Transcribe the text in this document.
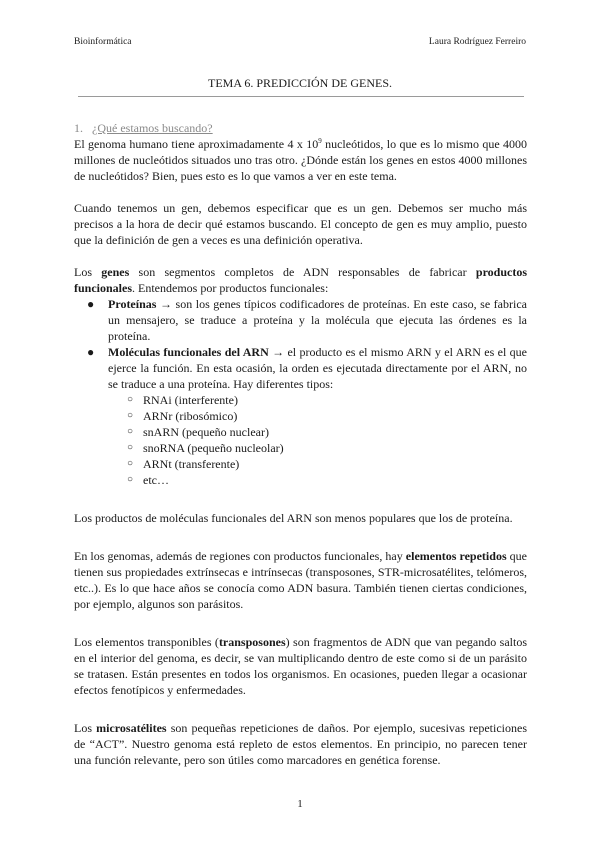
Bioinformática	Laura Rodríguez Ferreiro
TEMA 6. PREDICCIÓN DE GENES.

1. ¿Qué estamos buscando?

El genoma humano tiene aproximadamente 4 x $10^9$ nucleótidos, lo que es lo mismo que 4000 millones de nucleótidos situados uno tras otro. ¿Dónde están los genes en estos 4000 millones de nucleótidos? Bien, pues esto es lo que vamos a ver en este tema.

Cuando tenemos un gen, debemos especificar que es un gen. Debemos ser mucho más precisos a la hora de decir qué estamos buscando. El concepto de gen es muy amplio, puesto que la definición de gen a veces es una definición operativa.

Los genes son segmentos completos de ADN responsables de fabricar productos funcionales. Entendemos por productos funcionales:

● Proteínas → son los genes típicos codificadores de proteínas. En este caso, se fabrica un mensajero, se traduce a proteína y la molécula que ejecuta las órdenes es la proteína.
● Moléculas funcionales del ARN → el producto es el mismo ARN y el ARN es el que ejerce la función. En esta ocasión, la orden es ejecutada directamente por el ARN, no se traduce a una proteína. Hay diferentes tipos:
○ RNAi (interferente)
○ ARNr (ribosómico)
○ snARN (pequeño nuclear)
○ snoRNA (pequeño nucleolar)
○ ARNt (transferente)
○ etc…

Los productos de moléculas funcionales del ARN son menos populares que los de proteína.

En los genomas, además de regiones con productos funcionales, hay elementos repetidos que tienen sus propiedades extrínsecas e intrínsecas (transposones, STR-microsatélites, telómeros, etc..). Es lo que hace años se conocía como ADN basura. También tienen ciertas condiciones, por ejemplo, algunos son parásitos.

Los elementos transponibles (transposones) son fragmentos de ADN que van pegando saltos en el interior del genoma, es decir, se van multiplicando dentro de este como si de un parásito se tratasen. Están presentes en todos los organismos. En ocasiones, pueden llegar a ocasionar efectos fenotípicos y enfermedades.

Los microsatélites son pequeñas repeticiones de daños. Por ejemplo, sucesivas repeticiones de “ACT”. Nuestro genoma está repleto de estos elementos. En principio, no parecen tener una función relevante, pero son útiles como marcadores en genética forense.

1
